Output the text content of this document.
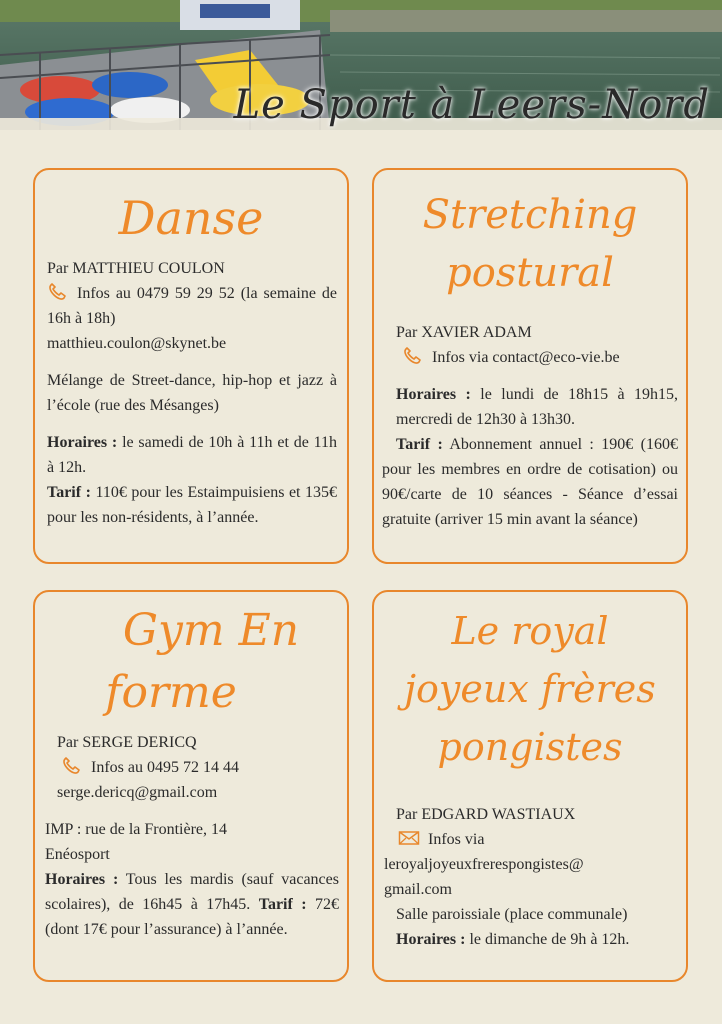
Le Sport à Leers-Nord
Danse

Par MATTHIEU COULON

Infos au 0479 59 29 52 (la semaine de 16h à 18h)

matthieu.coulon@skynet.be

Mélange de Street-dance, hip-hop et jazz à l’école (rue des Mésanges)

Horaires : le samedi de 10h à 11h et de 11h à 12h.

Tarif : 110€ pour les Estaimpuisiens et 135€ pour les non-résidents, à l’année.

Stretching
postural

Par XAVIER ADAM

Infos via contact@eco-vie.be

Horaires : le lundi de 18h15 à 19h15, mercredi de 12h30 à 13h30.

Tarif : Abonnement annuel : 190€ (160€ pour les membres en ordre de cotisation) ou 90€/carte de 10 séances - Séance d’essai gratuite (arriver 15 min avant la séance)

Gym En
forme

Par SERGE DERICQ

Infos au 0495 72 14 44

serge.dericq@gmail.com

IMP : rue de la Frontière, 14

Enéosport

Horaires : Tous les mardis (sauf vacances scolaires), de 16h45 à 17h45. Tarif : 72€ (dont 17€ pour l’assurance) à l’année.

Le royal
joyeux frères
pongistes

Par EDGARD WASTIAUX

Infos via

leroyaljoyeuxfrerespongistes@ gmail.com

Salle paroissiale (place communale)

Horaires : le dimanche de 9h à 12h.
